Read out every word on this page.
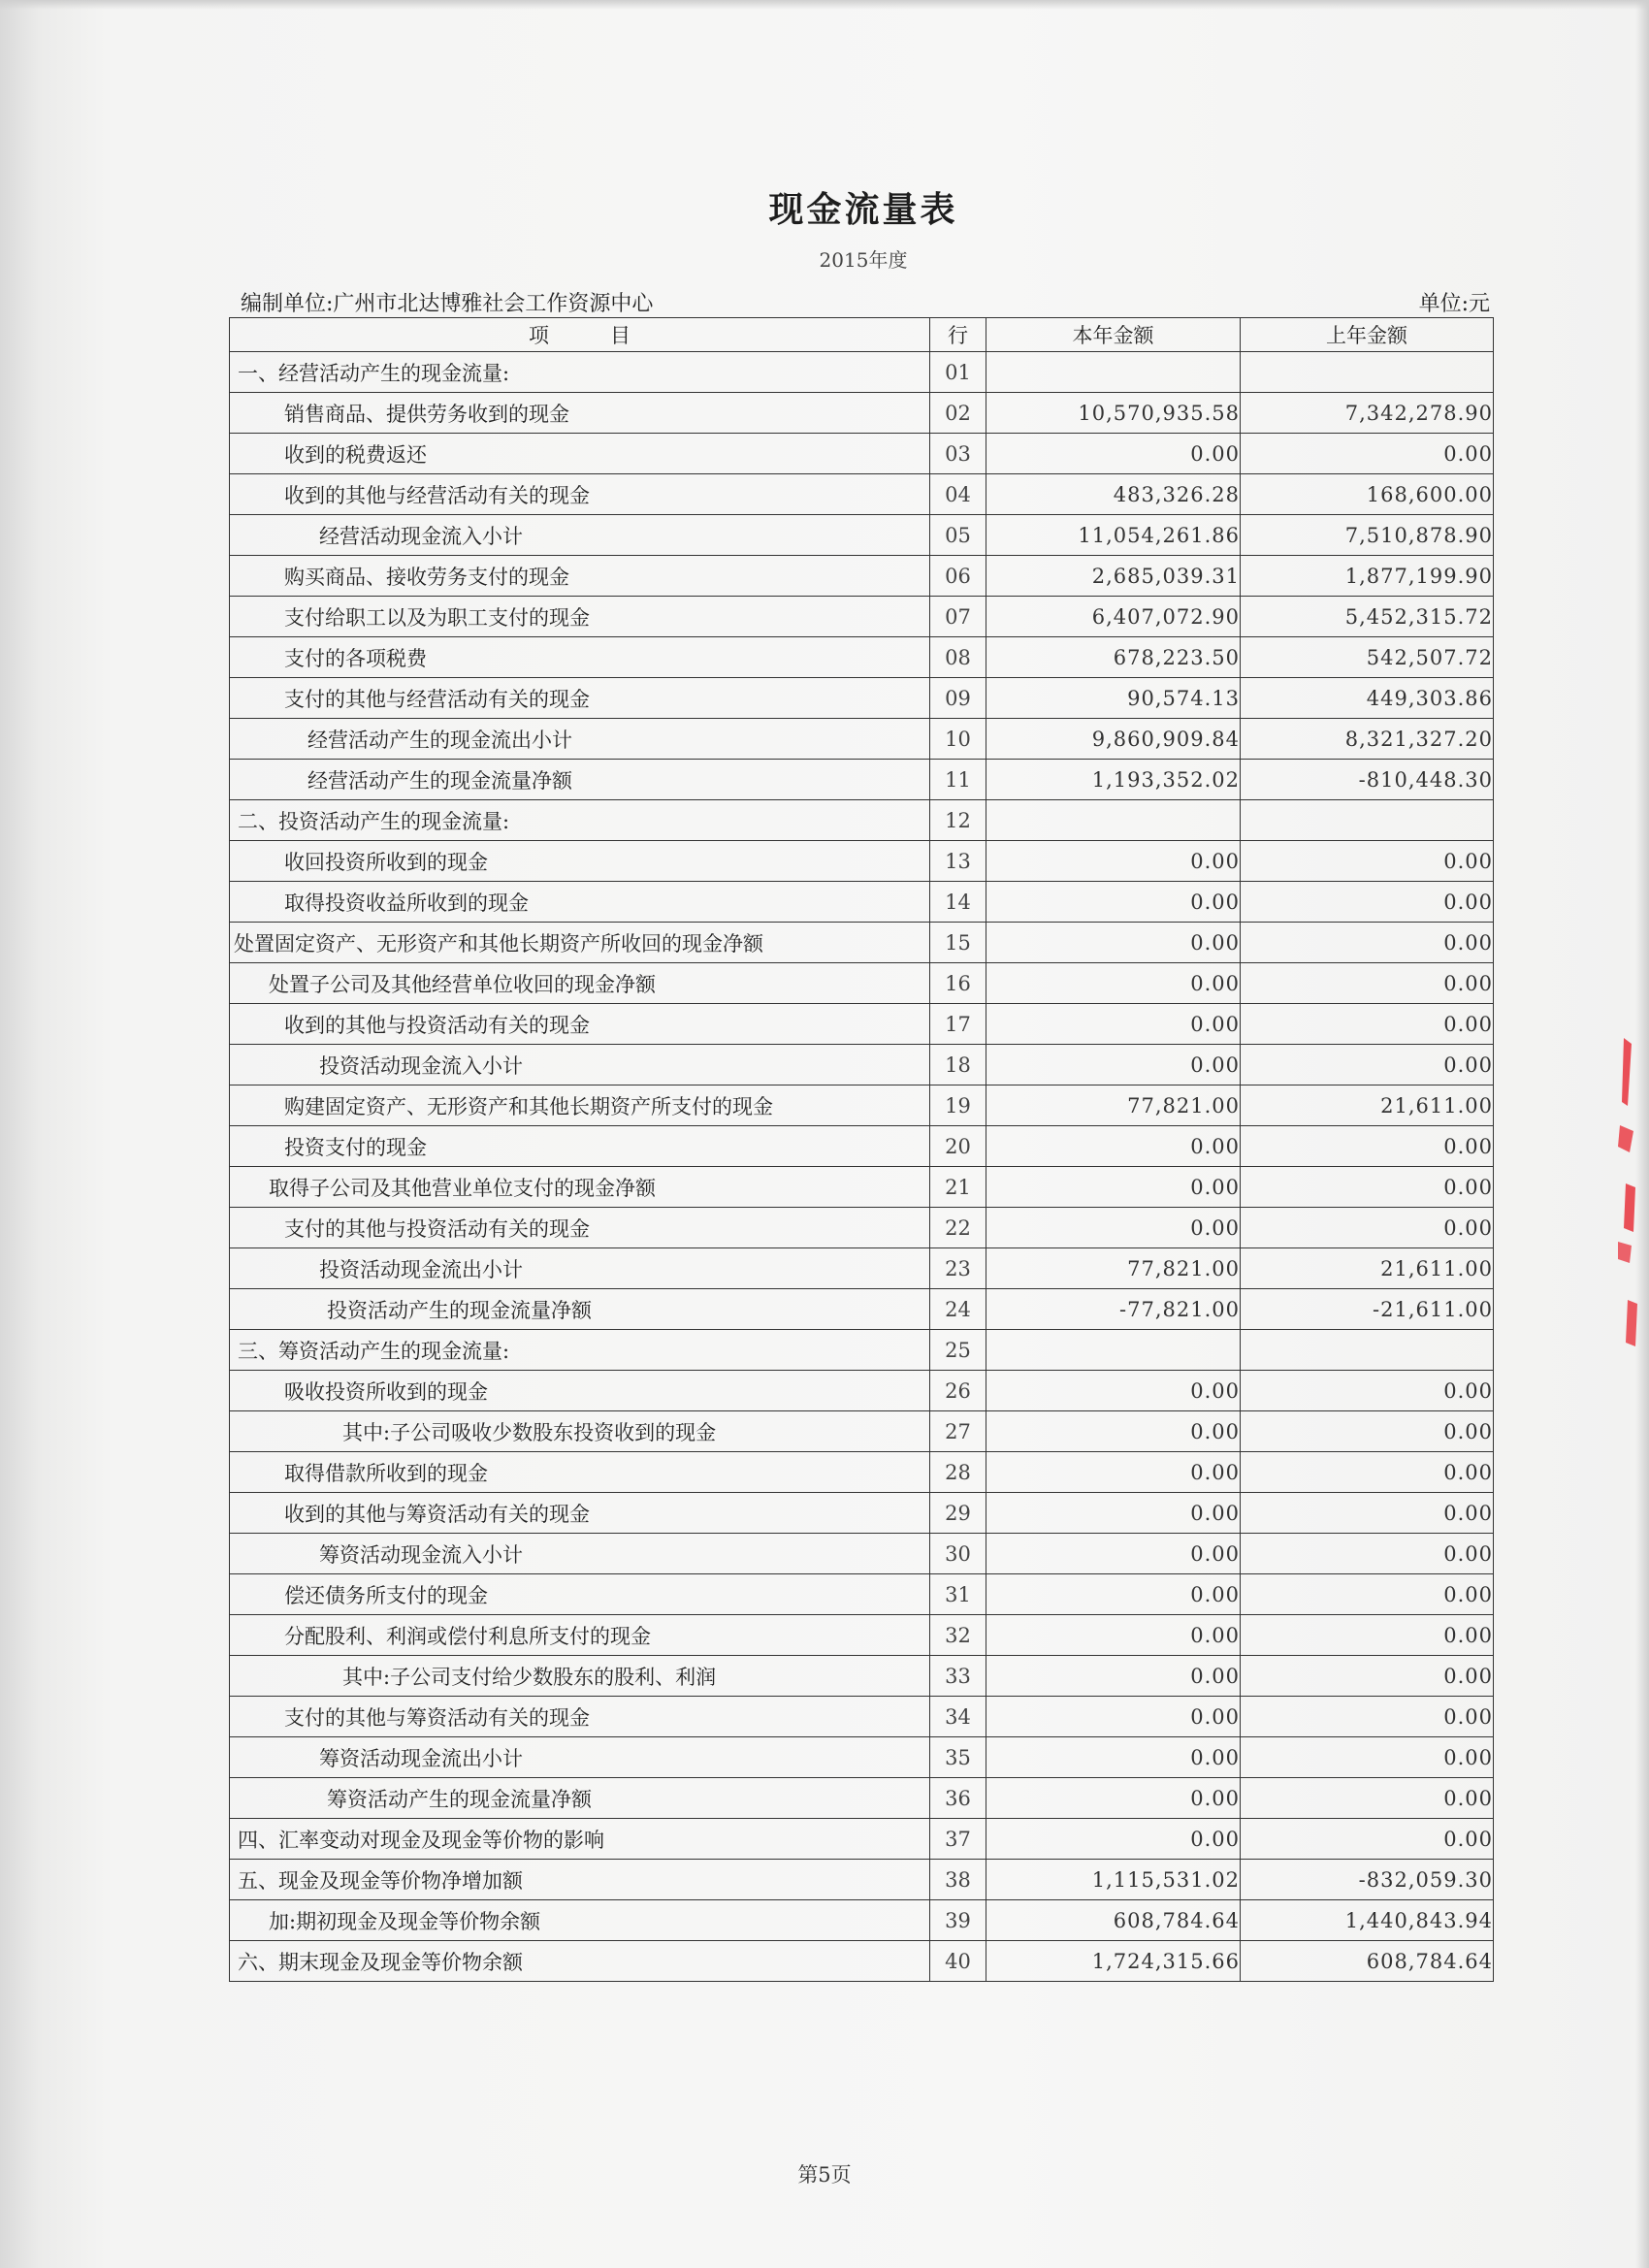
现金流量表
2015年度
编制单位:广州市北达博雅社会工作资源中心	单位:元
项　　　目	行	本年金额	上年金额
一、经营活动产生的现金流量:	01		
销售商品、提供劳务收到的现金	02	10,570,935.58	7,342,278.90
收到的税费返还	03	0.00	0.00
收到的其他与经营活动有关的现金	04	483,326.28	168,600.00
经营活动现金流入小计	05	11,054,261.86	7,510,878.90
购买商品、接收劳务支付的现金	06	2,685,039.31	1,877,199.90
支付给职工以及为职工支付的现金	07	6,407,072.90	5,452,315.72
支付的各项税费	08	678,223.50	542,507.72
支付的其他与经营活动有关的现金	09	90,574.13	449,303.86
经营活动产生的现金流出小计	10	9,860,909.84	8,321,327.20
经营活动产生的现金流量净额	11	1,193,352.02	-810,448.30
二、投资活动产生的现金流量:	12		
收回投资所收到的现金	13	0.00	0.00
取得投资收益所收到的现金	14	0.00	0.00
处置固定资产、无形资产和其他长期资产所收回的现金净额	15	0.00	0.00
处置子公司及其他经营单位收回的现金净额	16	0.00	0.00
收到的其他与投资活动有关的现金	17	0.00	0.00
投资活动现金流入小计	18	0.00	0.00
购建固定资产、无形资产和其他长期资产所支付的现金	19	77,821.00	21,611.00
投资支付的现金	20	0.00	0.00
取得子公司及其他营业单位支付的现金净额	21	0.00	0.00
支付的其他与投资活动有关的现金	22	0.00	0.00
投资活动现金流出小计	23	77,821.00	21,611.00
投资活动产生的现金流量净额	24	-77,821.00	-21,611.00
三、筹资活动产生的现金流量:	25		
吸收投资所收到的现金	26	0.00	0.00
其中:子公司吸收少数股东投资收到的现金	27	0.00	0.00
取得借款所收到的现金	28	0.00	0.00
收到的其他与筹资活动有关的现金	29	0.00	0.00
筹资活动现金流入小计	30	0.00	0.00
偿还债务所支付的现金	31	0.00	0.00
分配股利、利润或偿付利息所支付的现金	32	0.00	0.00
其中:子公司支付给少数股东的股利、利润	33	0.00	0.00
支付的其他与筹资活动有关的现金	34	0.00	0.00
筹资活动现金流出小计	35	0.00	0.00
筹资活动产生的现金流量净额	36	0.00	0.00
四、汇率变动对现金及现金等价物的影响	37	0.00	0.00
五、现金及现金等价物净增加额	38	1,115,531.02	-832,059.30
加:期初现金及现金等价物余额	39	608,784.64	1,440,843.94
六、期末现金及现金等价物余额	40	1,724,315.66	608,784.64
第5页
